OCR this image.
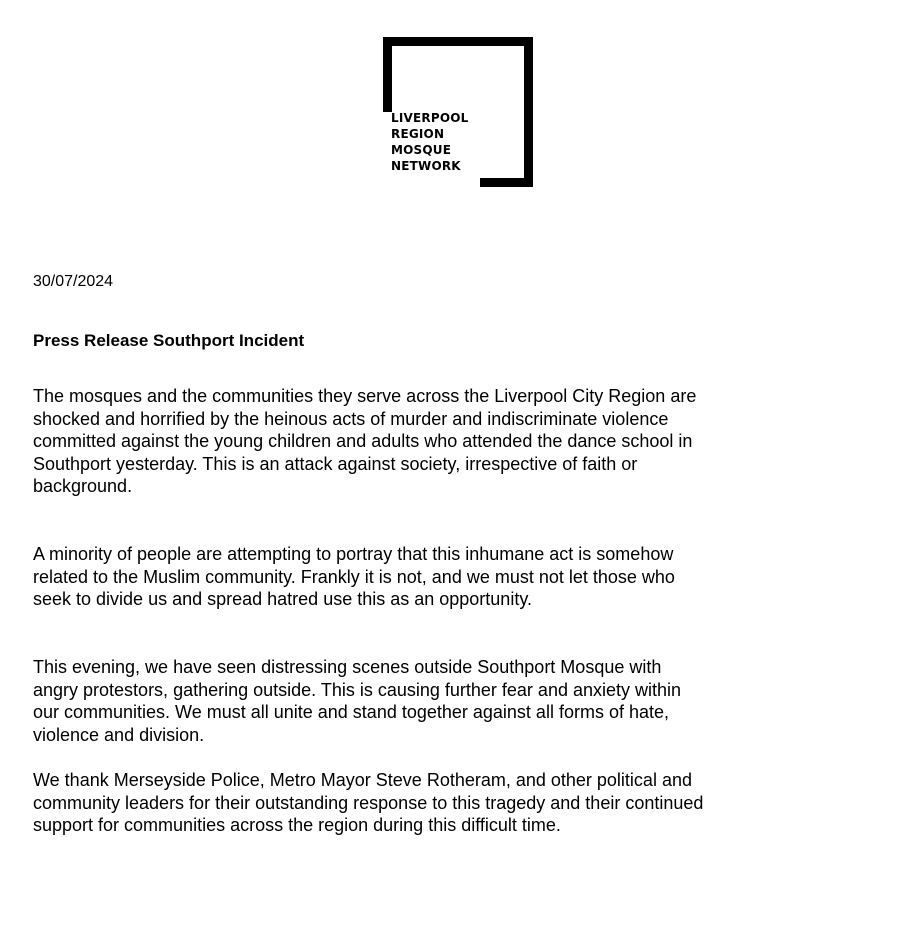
LIVERPOOL
REGION
MOSQUE
NETWORK
30/07/2024
Press Release Southport Incident
The mosques and the communities they serve across the Liverpool City Region are
shocked and horrified by the heinous acts of murder and indiscriminate violence
committed against the young children and adults who attended the dance school in
Southport yesterday. This is an attack against society, irrespective of faith or
background.
A minority of people are attempting to portray that this inhumane act is somehow
related to the Muslim community. Frankly it is not, and we must not let those who
seek to divide us and spread hatred use this as an opportunity.
This evening, we have seen distressing scenes outside Southport Mosque with
angry protestors, gathering outside. This is causing further fear and anxiety within
our communities. We must all unite and stand together against all forms of hate,
violence and division.
We thank Merseyside Police, Metro Mayor Steve Rotheram, and other political and
community leaders for their outstanding response to this tragedy and their continued
support for communities across the region during this difficult time.
